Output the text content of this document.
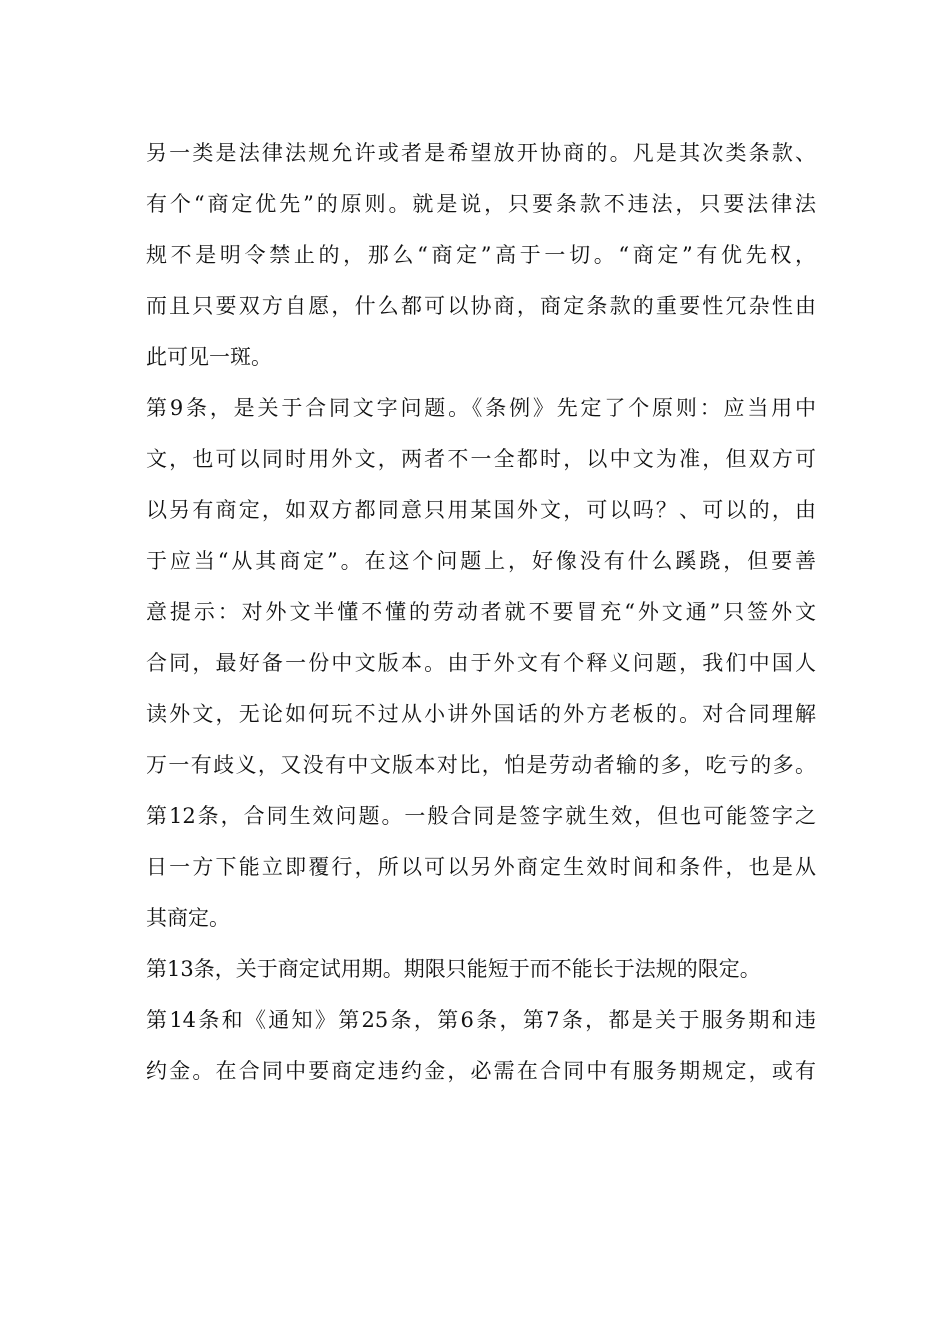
另一类是法律法规允许或者是希望放开协商的。凡是其次类条款、
有个“商定优先”的原则。就是说，只要条款不违法，只要法律法
规不是明令禁止的，那么“商定”高于一切。“商定”有优先权，
而且只要双方自愿，什么都可以协商，商定条款的重要性冗杂性由
此可见一斑。
第9条，是关于合同文字问题。《条例》先定了个原则：应当用中
文，也可以同时用外文，两者不一全都时，以中文为准，但双方可
以另有商定，如双方都同意只用某国外文，可以吗？、可以的，由
于应当“从其商定”。在这个问题上，好像没有什么蹊跷，但要善
意提示：对外文半懂不懂的劳动者就不要冒充“外文通”只签外文
合同，最好备一份中文版本。由于外文有个释义问题，我们中国人
读外文，无论如何玩不过从小讲外国话的外方老板的。对合同理解
万一有歧义，又没有中文版本对比，怕是劳动者输的多，吃亏的多。
第12条，合同生效问题。一般合同是签字就生效，但也可能签字之
日一方下能立即覆行，所以可以另外商定生效时间和条件，也是从
其商定。
第13条，关于商定试用期。期限只能短于而不能长于法规的限定。
第14条和《通知》第25条，第6条，第7条，都是关于服务期和违
约金。在合同中要商定违约金，必需在合同中有服务期规定，或有
